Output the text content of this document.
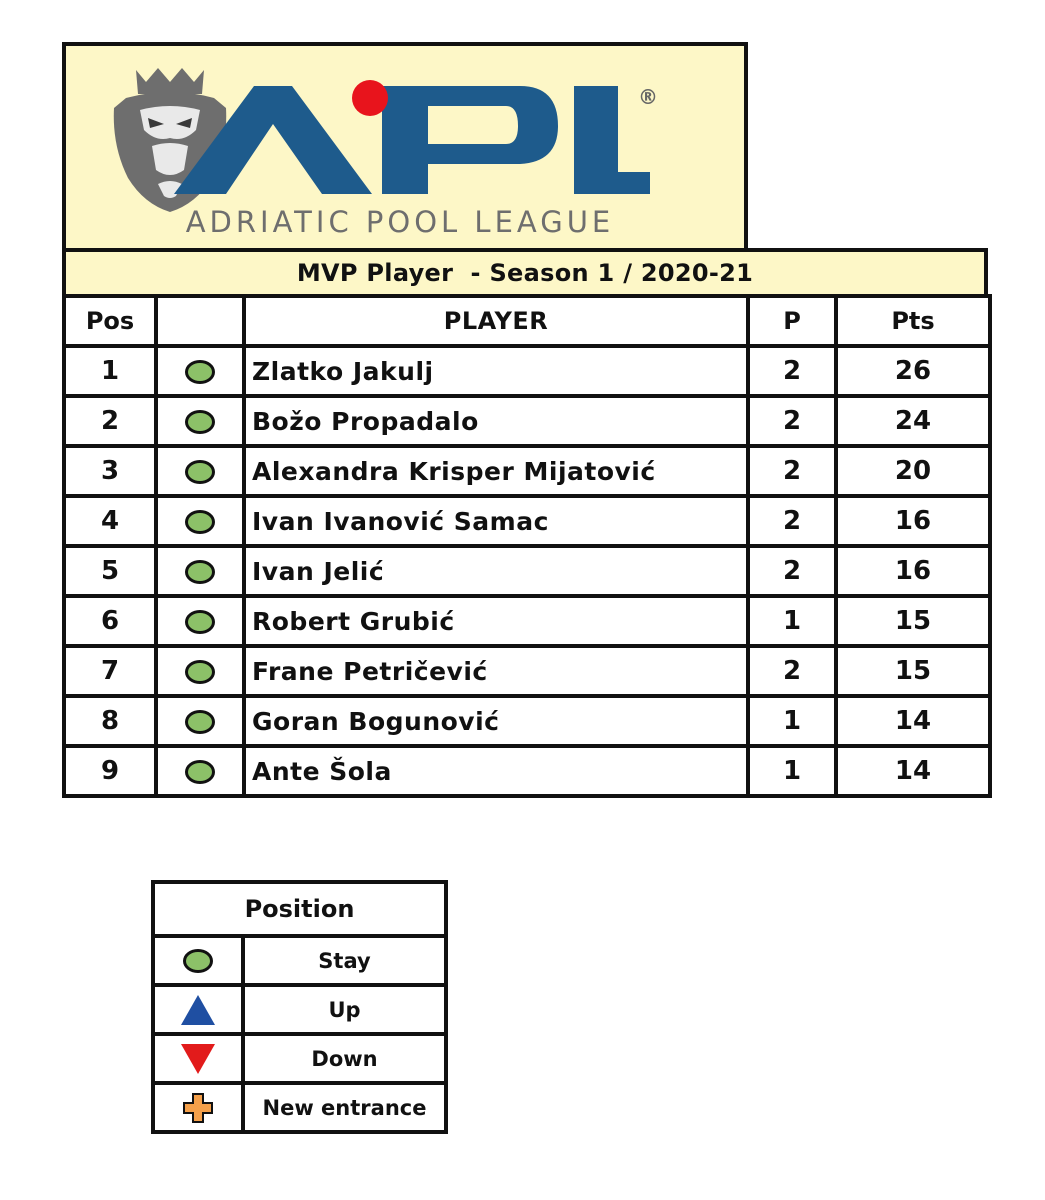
®
ADRIATIC POOL LEAGUE
MVP Player  - Season 1 / 2020-21
Pos		PLAYER	P	Pts
1		Zlatko Jakulj	2	26
2		Božo Propadalo	2	24
3		Alexandra Krisper Mijatović	2	20
4		Ivan Ivanović Samac	2	16
5		Ivan Jelić	2	16
6		Robert Grubić	1	15
7		Frane Petričević	2	15
8		Goran Bogunović	1	14
9		Ante Šola	1	14
Position	
	Stay
	Up
	Down
	New entrance
